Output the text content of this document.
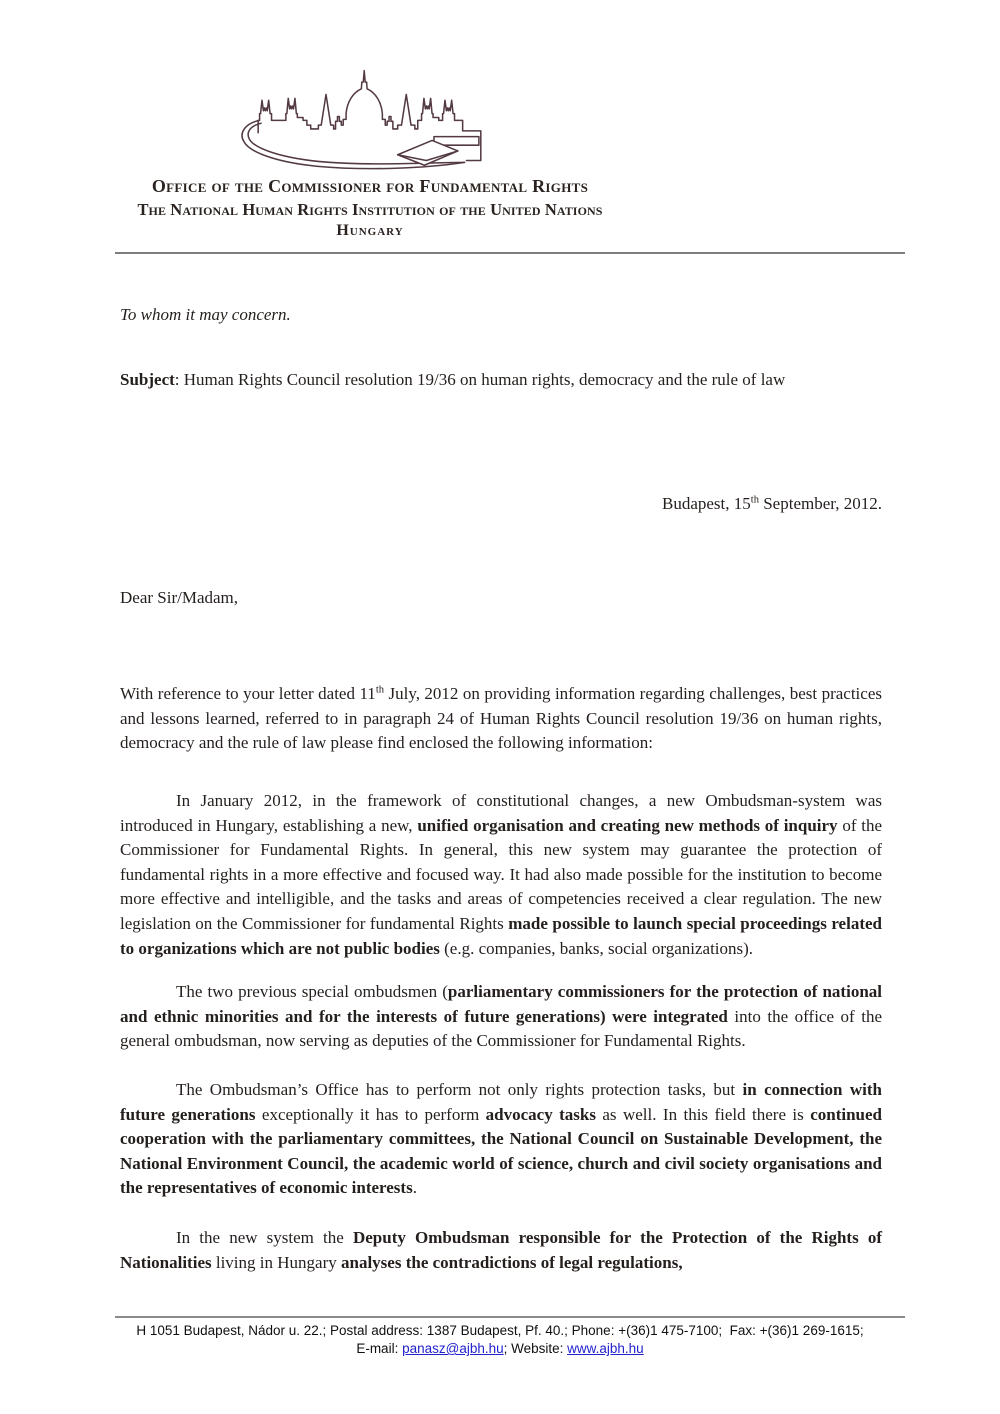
Office of the Commissioner for Fundamental Rights
The National Human Rights Institution of the United Nations
Hungary

To whom it may concern.

Subject: Human Rights Council resolution 19/36 on human rights, democracy and the rule of law

Budapest, 15th September, 2012.

Dear Sir/Madam,

With reference to your letter dated 11th July, 2012 on providing information regarding challenges, best practices and lessons learned, referred to in paragraph 24 of Human Rights Council resolution 19/36 on human rights, democracy and the rule of law please find enclosed the following information:

In January 2012, in the framework of constitutional changes, a new Ombudsman-system was introduced in Hungary, establishing a new, unified organisation and creating new methods of inquiry of the Commissioner for Fundamental Rights. In general, this new system may guarantee the protection of fundamental rights in a more effective and focused way. It had also made possible for the institution to become more effective and intelligible, and the tasks and areas of competencies received a clear regulation. The new legislation on the Commissioner for fundamental Rights made possible to launch special proceedings related to organizations which are not public bodies (e.g. companies, banks, social organizations).

The two previous special ombudsmen (parliamentary commissioners for the protection of national and ethnic minorities and for the interests of future generations) were integrated into the office of the general ombudsman, now serving as deputies of the Commissioner for Fundamental Rights.

The Ombudsman’s Office has to perform not only rights protection tasks, but in connection with future generations exceptionally it has to perform advocacy tasks as well. In this field there is continued cooperation with the parliamentary committees, the National Council on Sustainable Development, the National Environment Council, the academic world of science, church and civil society organisations and the representatives of economic interests.

In the new system the Deputy Ombudsman responsible for the Protection of the Rights of Nationalities living in Hungary analyses the contradictions of legal regulations,

H 1051 Budapest, Nádor u. 22.; Postal address: 1387 Budapest, Pf. 40.; Phone: +(36)1 475-7100;  Fax: +(36)1 269-1615;
E-mail: panasz@ajbh.hu; Website: www.ajbh.hu
